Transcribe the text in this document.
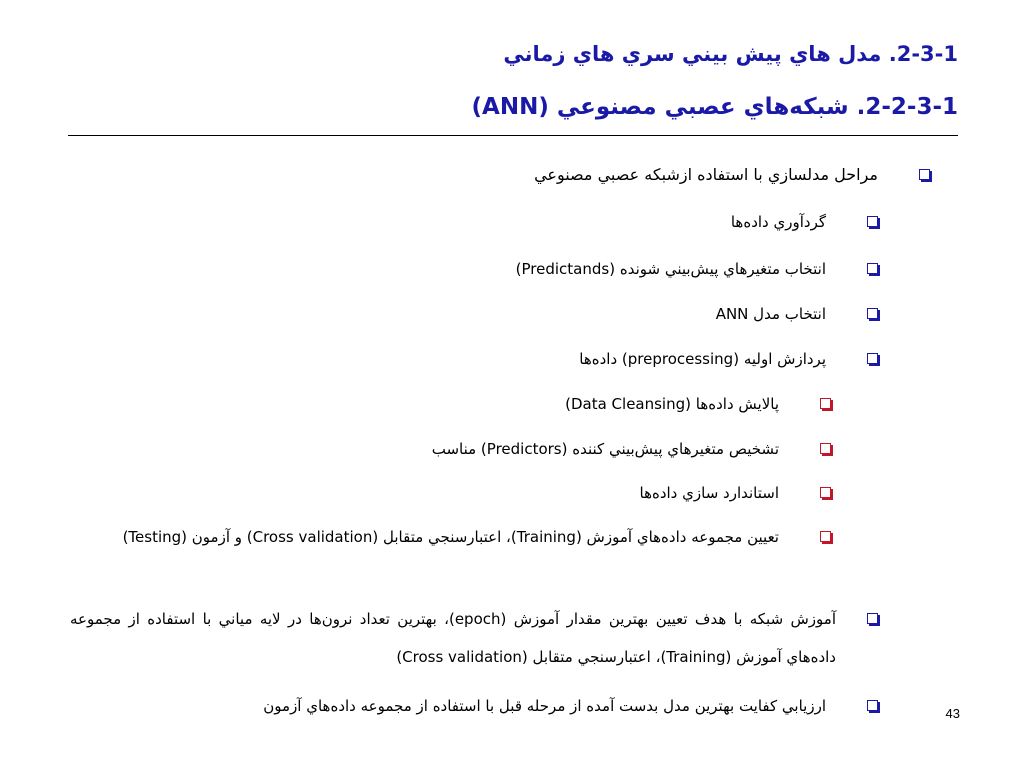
2-3-1. مدل هاي پيش بيني سري هاي زماني
2-2-3-1. شبکه‌هاي عصبي مصنوعي (ANN)
مراحل مدلسازي با استفاده ازشبکه عصبي مصنوعي
گردآوري داده‌ها
انتخاب متغيرهاي پيش‌بيني شونده (Predictands)
انتخاب مدل ANN
پردازش اوليه (preprocessing) داده‌ها
پالايش داده‌ها (Data Cleansing)
تشخيص متغيرهاي پيش‌بيني کننده (Predictors) مناسب
استاندارد سازي داده‌ها
تعيين مجموعه داده‌هاي آموزش (Training)، اعتبارسنجي متقابل (Cross validation) و آزمون (Testing)
آموزش شبکه با هدف تعيين بهترين مقدار آموزش (epoch)، بهترين تعداد نرون‌ها در لايه مياني با استفاده از مجموعه داده‌هاي آموزش (Training)، اعتبارسنجي متقابل (Cross validation)
ارزيابي کفايت بهترين مدل بدست آمده از مرحله قبل با استفاده از مجموعه داده‌هاي آزمون	43
